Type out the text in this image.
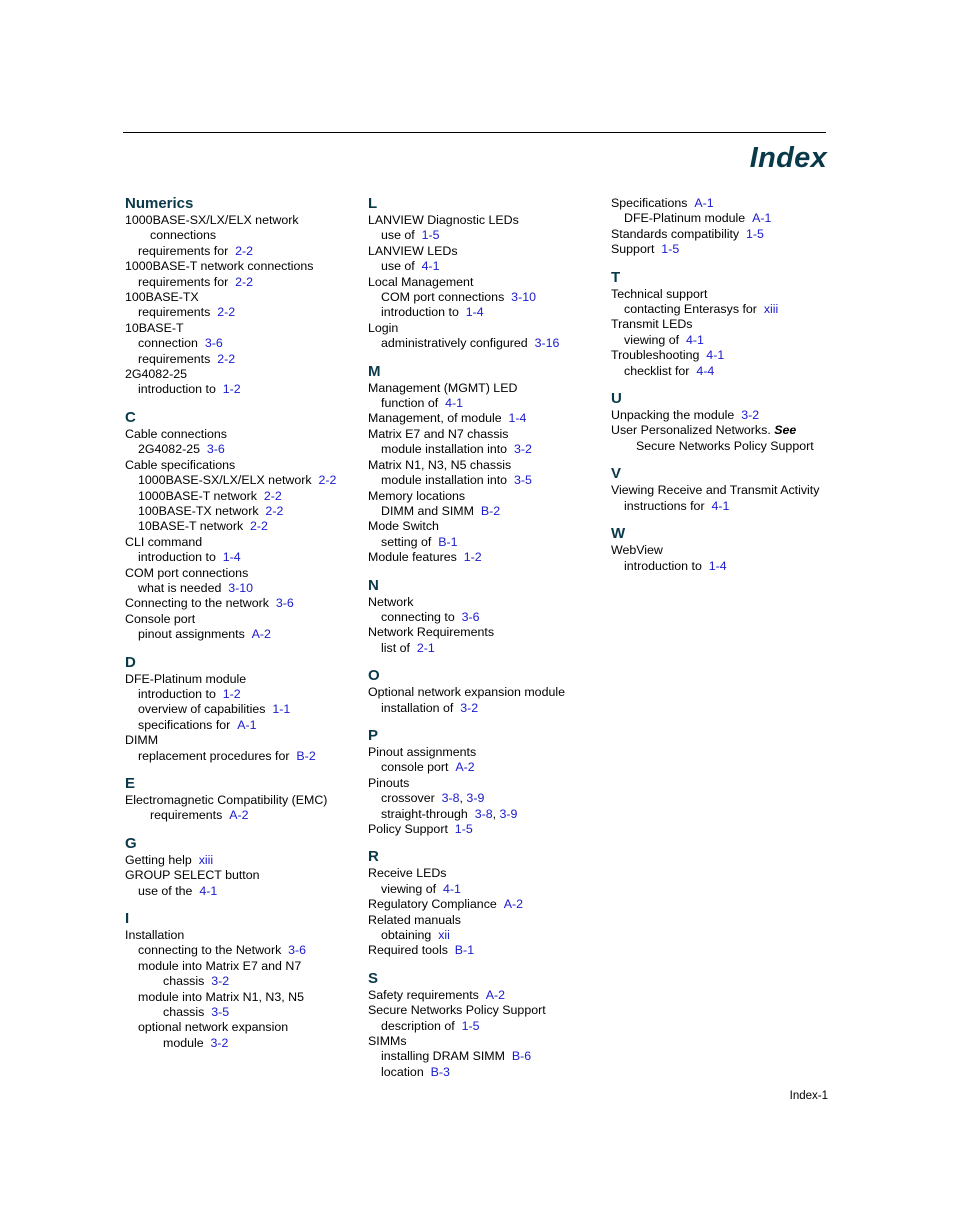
Index
Numerics
1000BASE-SX/LX/ELX network
connections
requirements for 2-2
1000BASE-T network connections
requirements for 2-2
100BASE-TX
requirements 2-2
10BASE-T
connection 3-6
requirements 2-2
2G4082-25
introduction to 1-2
C
Cable connections
2G4082-25 3-6
Cable specifications
1000BASE-SX/LX/ELX network 2-2
1000BASE-T network 2-2
100BASE-TX network 2-2
10BASE-T network 2-2
CLI command
introduction to 1-4
COM port connections
what is needed 3-10
Connecting to the network 3-6
Console port
pinout assignments A-2
D
DFE-Platinum module
introduction to 1-2
overview of capabilities 1-1
specifications for A-1
DIMM
replacement procedures for B-2
E
Electromagnetic Compatibility (EMC)
requirements A-2
G
Getting help xiii
GROUP SELECT button
use of the 4-1
I
Installation
connecting to the Network 3-6
module into Matrix E7 and N7
chassis 3-2
module into Matrix N1, N3, N5
chassis 3-5
optional network expansion
module 3-2
L
LANVIEW Diagnostic LEDs
use of 1-5
LANVIEW LEDs
use of 4-1
Local Management
COM port connections 3-10
introduction to 1-4
Login
administratively configured 3-16
M
Management (MGMT) LED
function of 4-1
Management, of module 1-4
Matrix E7 and N7 chassis
module installation into 3-2
Matrix N1, N3, N5 chassis
module installation into 3-5
Memory locations
DIMM and SIMM B-2
Mode Switch
setting of B-1
Module features 1-2
N
Network
connecting to 3-6
Network Requirements
list of 2-1
O
Optional network expansion module
installation of 3-2
P
Pinout assignments
console port A-2
Pinouts
crossover 3-8, 3-9
straight-through 3-8, 3-9
Policy Support 1-5
R
Receive LEDs
viewing of 4-1
Regulatory Compliance A-2
Related manuals
obtaining xii
Required tools B-1
S
Safety requirements A-2
Secure Networks Policy Support
description of 1-5
SIMMs
installing DRAM SIMM B-6
location B-3
Specifications A-1
DFE-Platinum module A-1
Standards compatibility 1-5
Support 1-5
T
Technical support
contacting Enterasys for xiii
Transmit LEDs
viewing of 4-1
Troubleshooting 4-1
checklist for 4-4
U
Unpacking the module 3-2
User Personalized Networks. See
Secure Networks Policy Support
V
Viewing Receive and Transmit Activity
instructions for 4-1
W
WebView
introduction to 1-4
Index-1
